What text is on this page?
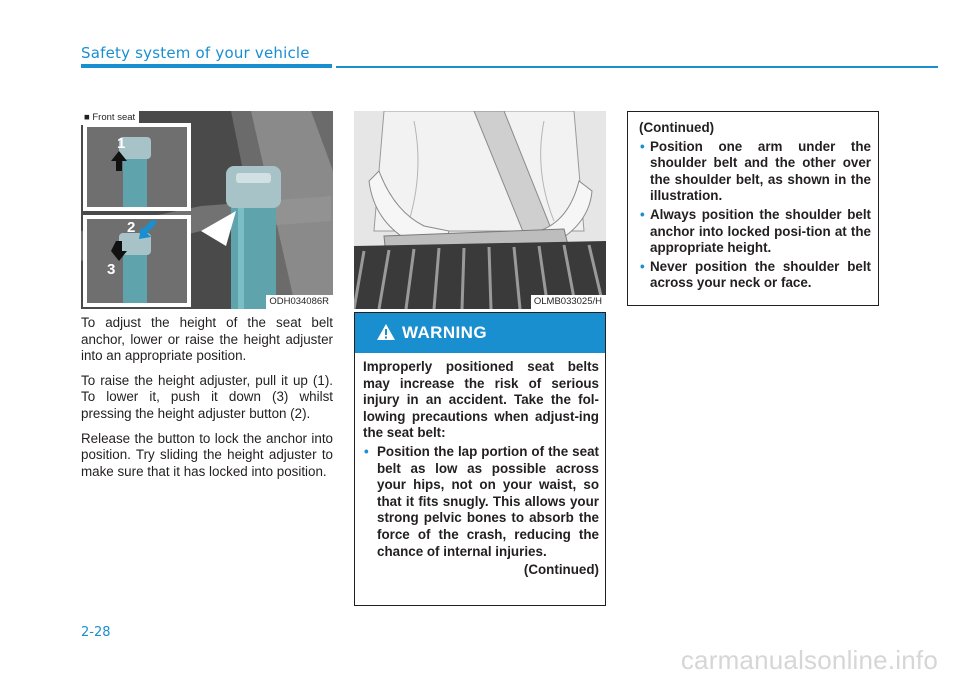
Safety system of your vehicle
■ Front seat
ODH034086R
1
2
3
OLMB033025/H

To adjust the height of the seat belt anchor, lower or raise the height adjuster into an appropriate position.

To raise the height adjuster, pull it up (1). To lower it, push it down (3) whilst pressing the height adjuster button (2).

Release the button to lock the anchor into position. Try sliding the height adjuster to make sure that it has locked into position.

WARNING
Improperly positioned seat belts may increase the risk of serious injury in an accident. Take the fol-lowing precautions when adjust-ing the seat belt:
• Position the lap portion of the seat belt as low as possible across your hips, not on your waist, so that it fits snugly. This allows your strong pelvic bones to absorb the force of the crash, reducing the chance of internal injuries.
(Continued)
(Continued)
• Position one arm under the shoulder belt and the other over the shoulder belt, as shown in the illustration.
• Always position the shoulder belt anchor into locked posi-tion at the appropriate height.
• Never position the shoulder belt across your neck or face.
2-28
carmanualsonline.info
